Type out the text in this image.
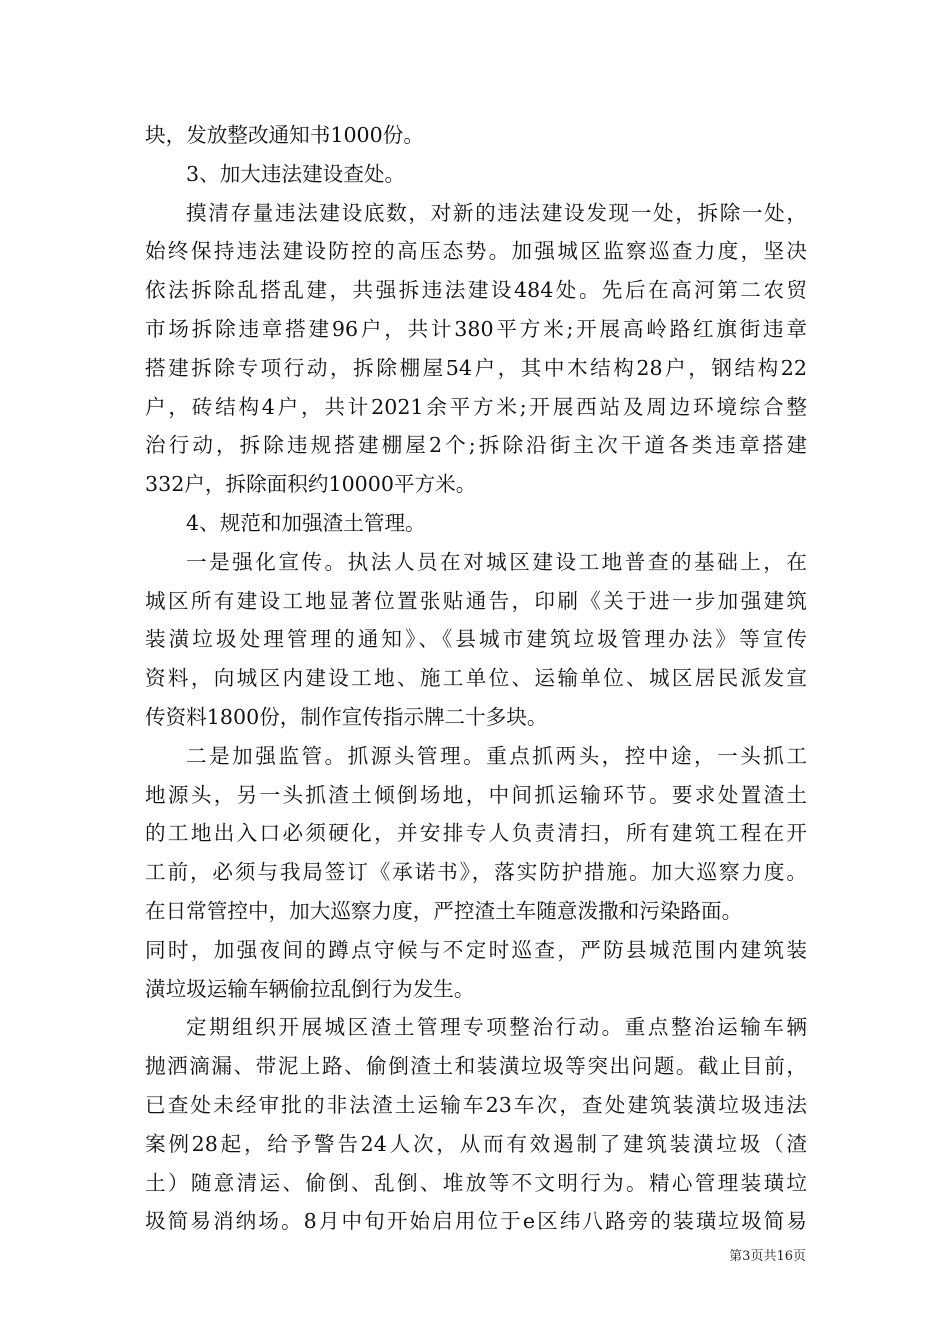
块，发放整改通知书1000份。
3、加大违法建设查处。
摸清存量违法建设底数，对新的违法建设发现一处，拆除一处，
始终保持违法建设防控的高压态势。加强城区监察巡查力度，坚决
依法拆除乱搭乱建，共强拆违法建设484处。先后在高河第二农贸
市场拆除违章搭建96户，共计380平方米;开展高岭路红旗街违章
搭建拆除专项行动，拆除棚屋54户，其中木结构28户，钢结构22
户，砖结构4户，共计2021余平方米;开展西站及周边环境综合整
治行动，拆除违规搭建棚屋2个;拆除沿街主次干道各类违章搭建
332户，拆除面积约10000平方米。
4、规范和加强渣土管理。
一是强化宣传。执法人员在对城区建设工地普查的基础上，在
城区所有建设工地显著位置张贴通告，印刷《关于进一步加强建筑
装潢垃圾处理管理的通知》、《县城市建筑垃圾管理办法》等宣传
资料，向城区内建设工地、施工单位、运输单位、城区居民派发宣
传资料1800份，制作宣传指示牌二十多块。
二是加强监管。抓源头管理。重点抓两头，控中途，一头抓工
地源头，另一头抓渣土倾倒场地，中间抓运输环节。要求处置渣土
的工地出入口必须硬化，并安排专人负责清扫，所有建筑工程在开
工前，必须与我局签订《承诺书》，落实防护措施。加大巡察力度。
在日常管控中，加大巡察力度，严控渣土车随意泼撒和污染路面。
同时，加强夜间的蹲点守候与不定时巡查，严防县城范围内建筑装
潢垃圾运输车辆偷拉乱倒行为发生。
定期组织开展城区渣土管理专项整治行动。重点整治运输车辆
抛洒滴漏、带泥上路、偷倒渣土和装潢垃圾等突出问题。截止目前，
已查处未经审批的非法渣土运输车23车次，查处建筑装潢垃圾违法
案例28起，给予警告24人次，从而有效遏制了建筑装潢垃圾（渣
土）随意清运、偷倒、乱倒、堆放等不文明行为。精心管理装璜垃
圾简易消纳场。8月中旬开始启用位于e区纬八路旁的装璜垃圾简易
第3页共16页
